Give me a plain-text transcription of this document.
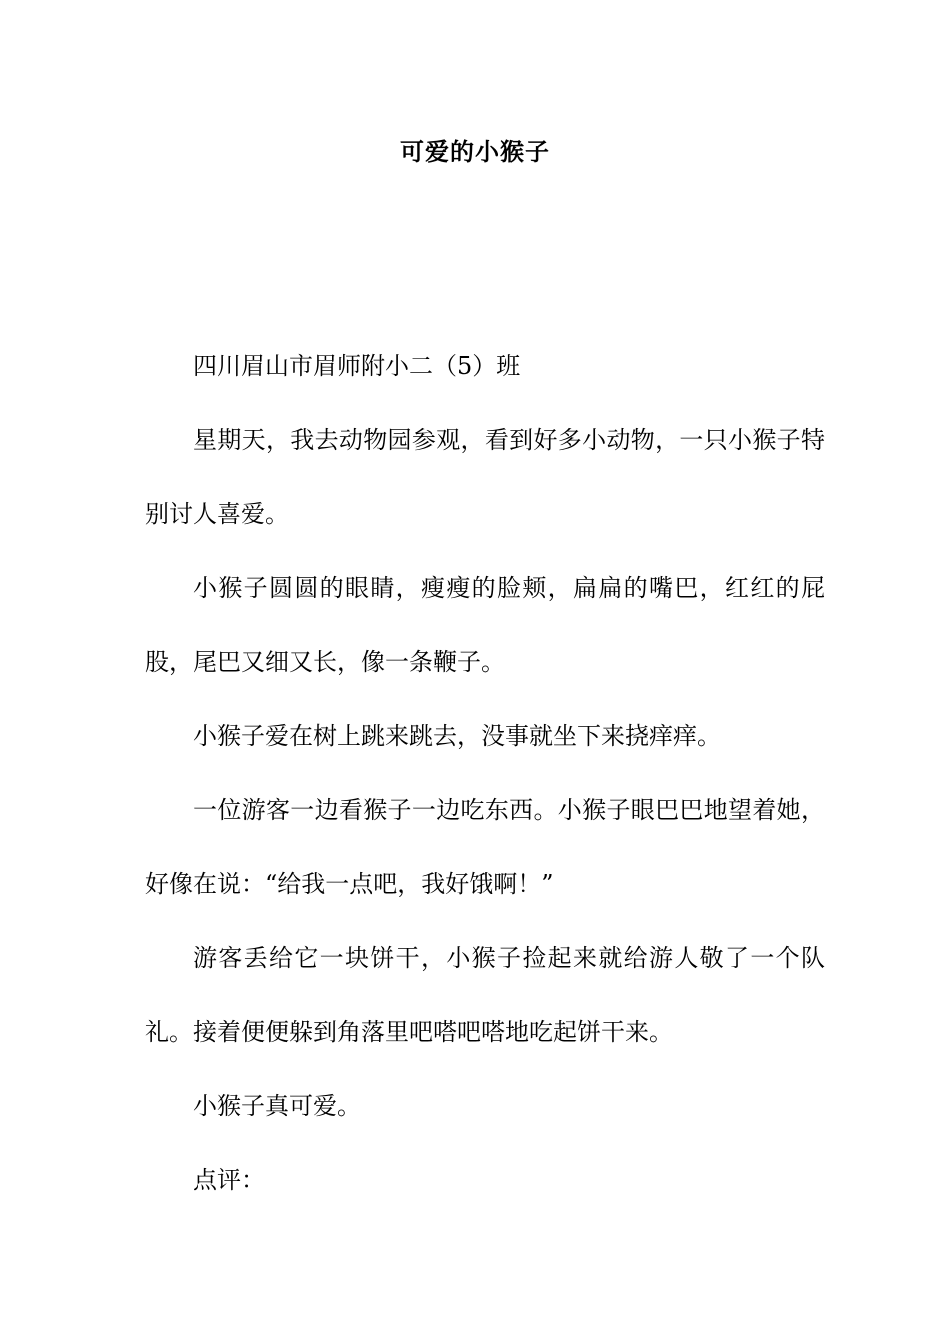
可爱的小猴子

四川眉山市眉师附小二（5）班

星期天，我去动物园参观，看到好多小动物，一只小猴子特别讨人喜爱。

小猴子圆圆的眼睛，瘦瘦的脸颊，扁扁的嘴巴，红红的屁股，尾巴又细又长，像一条鞭子。

小猴子爱在树上跳来跳去，没事就坐下来挠痒痒。

一位游客一边看猴子一边吃东西。小猴子眼巴巴地望着她，好像在说：“给我一点吧，我好饿啊！”

游客丢给它一块饼干，小猴子捡起来就给游人敬了一个队礼。接着便便躲到角落里吧嗒吧嗒地吃起饼干来。

小猴子真可爱。

点评：
